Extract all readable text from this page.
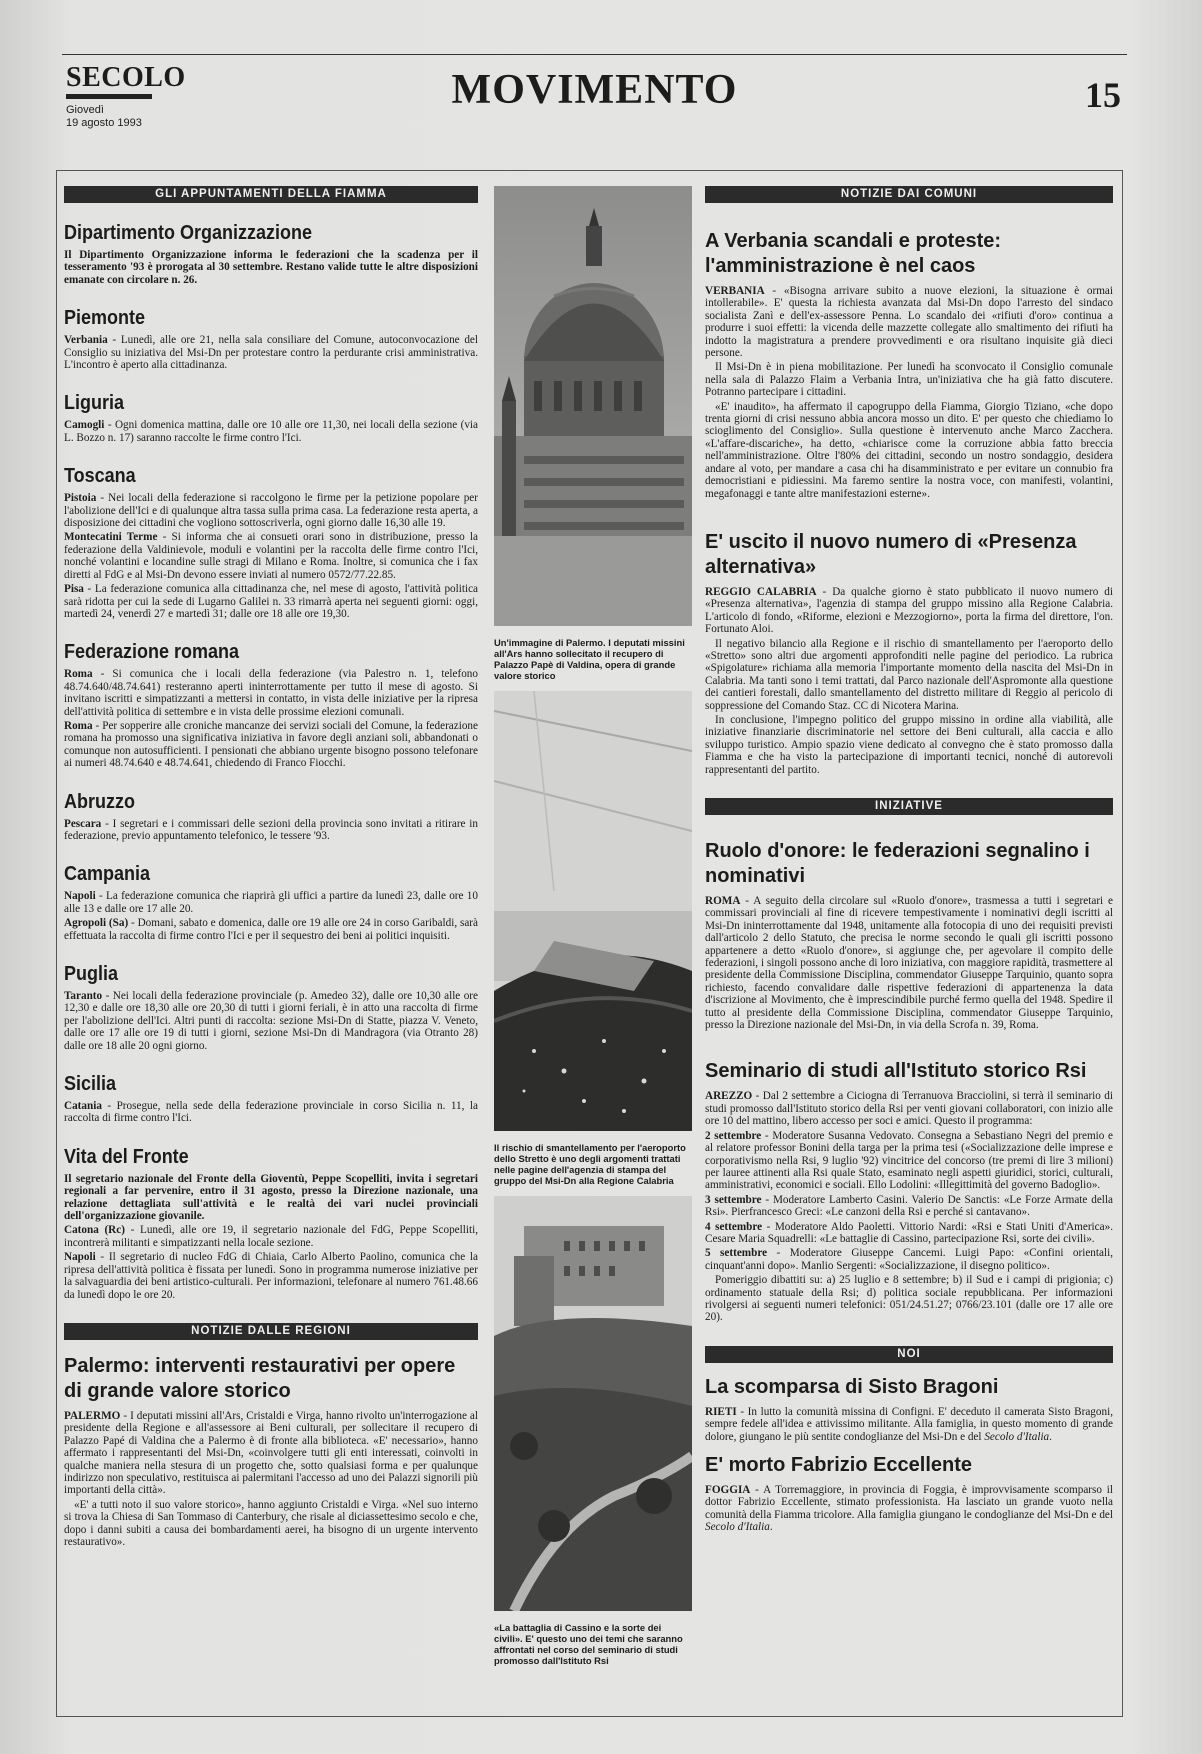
SECOLO
Giovedì
19 agosto 1993
MOVIMENTO	15
GLI APPUNTAMENTI DELLA FIAMMA
Dipartimento Organizzazione

Il Dipartimento Organizzazione informa le federazioni che la scadenza per il tesseramento '93 è prorogata al 30 settembre. Restano valide tutte le altre disposizioni emanate con circolare n. 26.

Piemonte

Verbania - Lunedì, alle ore 21, nella sala consiliare del Comune, autoconvocazione del Consiglio su iniziativa del Msi-Dn per protestare contro la perdurante crisi amministrativa. L'incontro è aperto alla cittadinanza.

Liguria

Camogli - Ogni domenica mattina, dalle ore 10 alle ore 11,30, nei locali della sezione (via L. Bozzo n. 17) saranno raccolte le firme contro l'Ici.

Toscana

Pistoia - Nei locali della federazione si raccolgono le firme per la petizione popolare per l'abolizione dell'Ici e di qualunque altra tassa sulla prima casa. La federazione resta aperta, a disposizione dei cittadini che vogliono sottoscriverla, ogni giorno dalle 16,30 alle 19.

Montecatini Terme - Si informa che ai consueti orari sono in distribuzione, presso la federazione della Valdinievole, moduli e volantini per la raccolta delle firme contro l'Ici, nonché volantini e locandine sulle stragi di Milano e Roma. Inoltre, si comunica che i fax diretti al FdG e al Msi-Dn devono essere inviati al numero 0572/77.22.85.

Pisa - La federazione comunica alla cittadinanza che, nel mese di agosto, l'attività politica sarà ridotta per cui la sede di Lugarno Galilei n. 33 rimarrà aperta nei seguenti giorni: oggi, martedì 24, venerdì 27 e martedì 31; dalle ore 18 alle ore 19,30.

Federazione romana

Roma - Si comunica che i locali della federazione (via Palestro n. 1, telefono 48.74.640/48.74.641) resteranno aperti ininterrottamente per tutto il mese di agosto. Si invitano iscritti e simpatizzanti a mettersi in contatto, in vista delle iniziative per la ripresa dell'attività politica di settembre e in vista delle prossime elezioni comunali.

Roma - Per sopperire alle croniche mancanze dei servizi sociali del Comune, la federazione romana ha promosso una significativa iniziativa in favore degli anziani soli, abbandonati o comunque non autosufficienti. I pensionati che abbiano urgente bisogno possono telefonare ai numeri 48.74.640 e 48.74.641, chiedendo di Franco Fiocchi.

Abruzzo

Pescara - I segretari e i commissari delle sezioni della provincia sono invitati a ritirare in federazione, previo appuntamento telefonico, le tessere '93.

Campania

Napoli - La federazione comunica che riaprirà gli uffici a partire da lunedì 23, dalle ore 10 alle 13 e dalle ore 17 alle 20.

Agropoli (Sa) - Domani, sabato e domenica, dalle ore 19 alle ore 24 in corso Garibaldi, sarà effettuata la raccolta di firme contro l'Ici e per il sequestro dei beni ai politici inquisiti.

Puglia

Taranto - Nei locali della federazione provinciale (p. Amedeo 32), dalle ore 10,30 alle ore 12,30 e dalle ore 18,30 alle ore 20,30 di tutti i giorni feriali, è in atto una raccolta di firme per l'abolizione dell'Ici. Altri punti di raccolta: sezione Msi-Dn di Statte, piazza V. Veneto, dalle ore 17 alle ore 19 di tutti i giorni, sezione Msi-Dn di Mandragora (via Otranto 28) dalle ore 18 alle 20 ogni giorno.

Sicilia

Catania - Prosegue, nella sede della federazione provinciale in corso Sicilia n. 11, la raccolta di firme contro l'Ici.

Vita del Fronte

Il segretario nazionale del Fronte della Gioventù, Peppe Scopelliti, invita i segretari regionali a far pervenire, entro il 31 agosto, presso la Direzione nazionale, una relazione dettagliata sull'attività e le realtà dei vari nuclei provinciali dell'organizzazione giovanile.

Catona (Rc) - Lunedì, alle ore 19, il segretario nazionale del FdG, Peppe Scopelliti, incontrerà militanti e simpatizzanti nella locale sezione.

Napoli - Il segretario di nucleo FdG di Chiaia, Carlo Alberto Paolino, comunica che la ripresa dell'attività politica è fissata per lunedì. Sono in programma numerose iniziative per la salvaguardia dei beni artistico-culturali. Per informazioni, telefonare al numero 761.48.66 da lunedì dopo le ore 20.

NOTIZIE DALLE REGIONI
Palermo: interventi restaurativi per opere di grande valore storico

PALERMO - I deputati missini all'Ars, Cristaldi e Virga, hanno rivolto un'interrogazione al presidente della Regione e all'assessore ai Beni culturali, per sollecitare il recupero di Palazzo Papé di Valdina che a Palermo è di fronte alla biblioteca. «E' necessario», hanno affermato i rappresentanti del Msi-Dn, «coinvolgere tutti gli enti interessati, coinvolti in qualche maniera nella stesura di un progetto che, sotto qualsiasi forma e per qualunque indirizzo non speculativo, restituisca ai palermitani l'accesso ad uno dei Palazzi signorili più importanti della città».

«E' a tutti noto il suo valore storico», hanno aggiunto Cristaldi e Virga. «Nel suo interno si trova la Chiesa di San Tommaso di Canterbury, che risale al diciassettesimo secolo e che, dopo i danni subiti a causa dei bombardamenti aerei, ha bisogno di un urgente intervento restaurativo».

Un'immagine di Palermo. I deputati missini all'Ars hanno sollecitato il recupero di Palazzo Papè di Valdina, opera di grande valore storico
Il rischio di smantellamento per l'aeroporto dello Stretto è uno degli argomenti trattati nelle pagine dell'agenzia di stampa del gruppo del Msi-Dn alla Regione Calabria
«La battaglia di Cassino e la sorte dei civili». E' questo uno dei temi che saranno affrontati nel corso del seminario di studi promosso dall'Istituto Rsi
NOTIZIE DAI COMUNI
A Verbania scandali e proteste: l'amministrazione è nel caos

VERBANIA - «Bisogna arrivare subito a nuove elezioni, la situazione è ormai intollerabile». E' questa la richiesta avanzata dal Msi-Dn dopo l'arresto del sindaco socialista Zanì e dell'ex-assessore Penna. Lo scandalo dei «rifiuti d'oro» continua a produrre i suoi effetti: la vicenda delle mazzette collegate allo smaltimento dei rifiuti ha indotto la magistratura a prendere provvedimenti e ora risultano inquisite già dieci persone.

Il Msi-Dn è in piena mobilitazione. Per lunedì ha sconvocato il Consiglio comunale nella sala di Palazzo Flaim a Verbania Intra, un'iniziativa che ha già fatto discutere. Potranno partecipare i cittadini.

«E' inaudito», ha affermato il capogruppo della Fiamma, Giorgio Tiziano, «che dopo trenta giorni di crisi nessuno abbia ancora mosso un dito. E' per questo che chiediamo lo scioglimento del Consiglio». Sulla questione è intervenuto anche Marco Zacchera. «L'affare-discariche», ha detto, «chiarisce come la corruzione abbia fatto breccia nell'amministrazione. Oltre l'80% dei cittadini, secondo un nostro sondaggio, desidera andare al voto, per mandare a casa chi ha disamministrato e per evitare un connubio fra democristiani e pidiessini. Ma faremo sentire la nostra voce, con manifesti, volantini, megafonaggi e tante altre manifestazioni esterne».

E' uscito il nuovo numero di «Presenza alternativa»

REGGIO CALABRIA - Da qualche giorno è stato pubblicato il nuovo numero di «Presenza alternativa», l'agenzia di stampa del gruppo missino alla Regione Calabria. L'articolo di fondo, «Riforme, elezioni e Mezzogiorno», porta la firma del direttore, l'on. Fortunato Aloi.

Il negativo bilancio alla Regione e il rischio di smantellamento per l'aeroporto dello «Stretto» sono altri due argomenti approfonditi nelle pagine del periodico. La rubrica «Spigolature» richiama alla memoria l'importante momento della nascita del Msi-Dn in Calabria. Ma tanti sono i temi trattati, dal Parco nazionale dell'Aspromonte alla questione dei cantieri forestali, dallo smantellamento del distretto militare di Reggio al pericolo di soppressione del Comando Staz. CC di Nicotera Marina.

In conclusione, l'impegno politico del gruppo missino in ordine alla viabilità, alle iniziative finanziarie discriminatorie nel settore dei Beni culturali, alla caccia e allo sviluppo turistico. Ampio spazio viene dedicato al convegno che è stato promosso dalla Fiamma e che ha visto la partecipazione di importanti tecnici, nonché di autorevoli rappresentanti del partito.

INIZIATIVE
Ruolo d'onore: le federazioni segnalino i nominativi

ROMA - A seguito della circolare sul «Ruolo d'onore», trasmessa a tutti i segretari e commissari provinciali al fine di ricevere tempestivamente i nominativi degli iscritti al Msi-Dn ininterrottamente dal 1948, unitamente alla fotocopia di uno dei requisiti previsti dall'articolo 2 dello Statuto, che precisa le norme secondo le quali gli iscritti possono appartenere a detto «Ruolo d'onore», si aggiunge che, per agevolare il compito delle federazioni, i singoli possono anche di loro iniziativa, con maggiore rapidità, trasmettere al presidente della Commissione Disciplina, commendator Giuseppe Tarquinio, quanto sopra richiesto, facendo convalidare dalle rispettive federazioni di appartenenza la data d'iscrizione al Movimento, che è imprescindibile purché fermo quella del 1948. Spedire il tutto al presidente della Commissione Disciplina, commendator Giuseppe Tarquinio, presso la Direzione nazionale del Msi-Dn, in via della Scrofa n. 39, Roma.

Seminario di studi all'Istituto storico Rsi

AREZZO - Dal 2 settembre a Ciciogna di Terranuova Bracciolini, si terrà il seminario di studi promosso dall'Istituto storico della Rsi per venti giovani collaboratori, con inizio alle ore 10 del mattino, libero accesso per soci e amici. Questo il programma:

2 settembre - Moderatore Susanna Vedovato. Consegna a Sebastiano Negri del premio e al relatore professor Bonini della targa per la prima tesi («Socializzazione delle imprese e corporativismo nella Rsi, 9 luglio '92) vincitrice del concorso (tre premi di lire 3 milioni) per lauree attinenti alla Rsi quale Stato, esaminato negli aspetti giuridici, storici, culturali, amministrativi, economici e sociali. Ello Lodolini: «Illegittimità del governo Badoglio».

3 settembre - Moderatore Lamberto Casini. Valerio De Sanctis: «Le Forze Armate della Rsi». Pierfrancesco Greci: «Le canzoni della Rsi e perché si cantavano».

4 settembre - Moderatore Aldo Paoletti. Vittorio Nardi: «Rsi e Stati Uniti d'America». Cesare Maria Squadrelli: «Le battaglie di Cassino, partecipazione Rsi, sorte dei civili».

5 settembre - Moderatore Giuseppe Cancemi. Luigi Papo: «Confini orientali, cinquant'anni dopo». Manlio Sergenti: «Socializzazione, il disegno politico».

Pomeriggio dibattiti su: a) 25 luglio e 8 settembre; b) il Sud e i campi di prigionia; c) ordinamento statuale della Rsi; d) politica sociale repubblicana. Per informazioni rivolgersi ai seguenti numeri telefonici: 051/24.51.27; 0766/23.101 (dalle ore 17 alle ore 20).

NOI
La scomparsa di Sisto Bragoni

RIETI - In lutto la comunità missina di Configni. E' deceduto il camerata Sisto Bragoni, sempre fedele all'idea e attivissimo militante. Alla famiglia, in questo momento di grande dolore, giungano le più sentite condoglianze del Msi-Dn e del Secolo d'Italia.

E' morto Fabrizio Eccellente

FOGGIA - A Torremaggiore, in provincia di Foggia, è improvvisamente scomparso il dottor Fabrizio Eccellente, stimato professionista. Ha lasciato un grande vuoto nella comunità della Fiamma tricolore. Alla famiglia giungano le condoglianze del Msi-Dn e del Secolo d'Italia.
